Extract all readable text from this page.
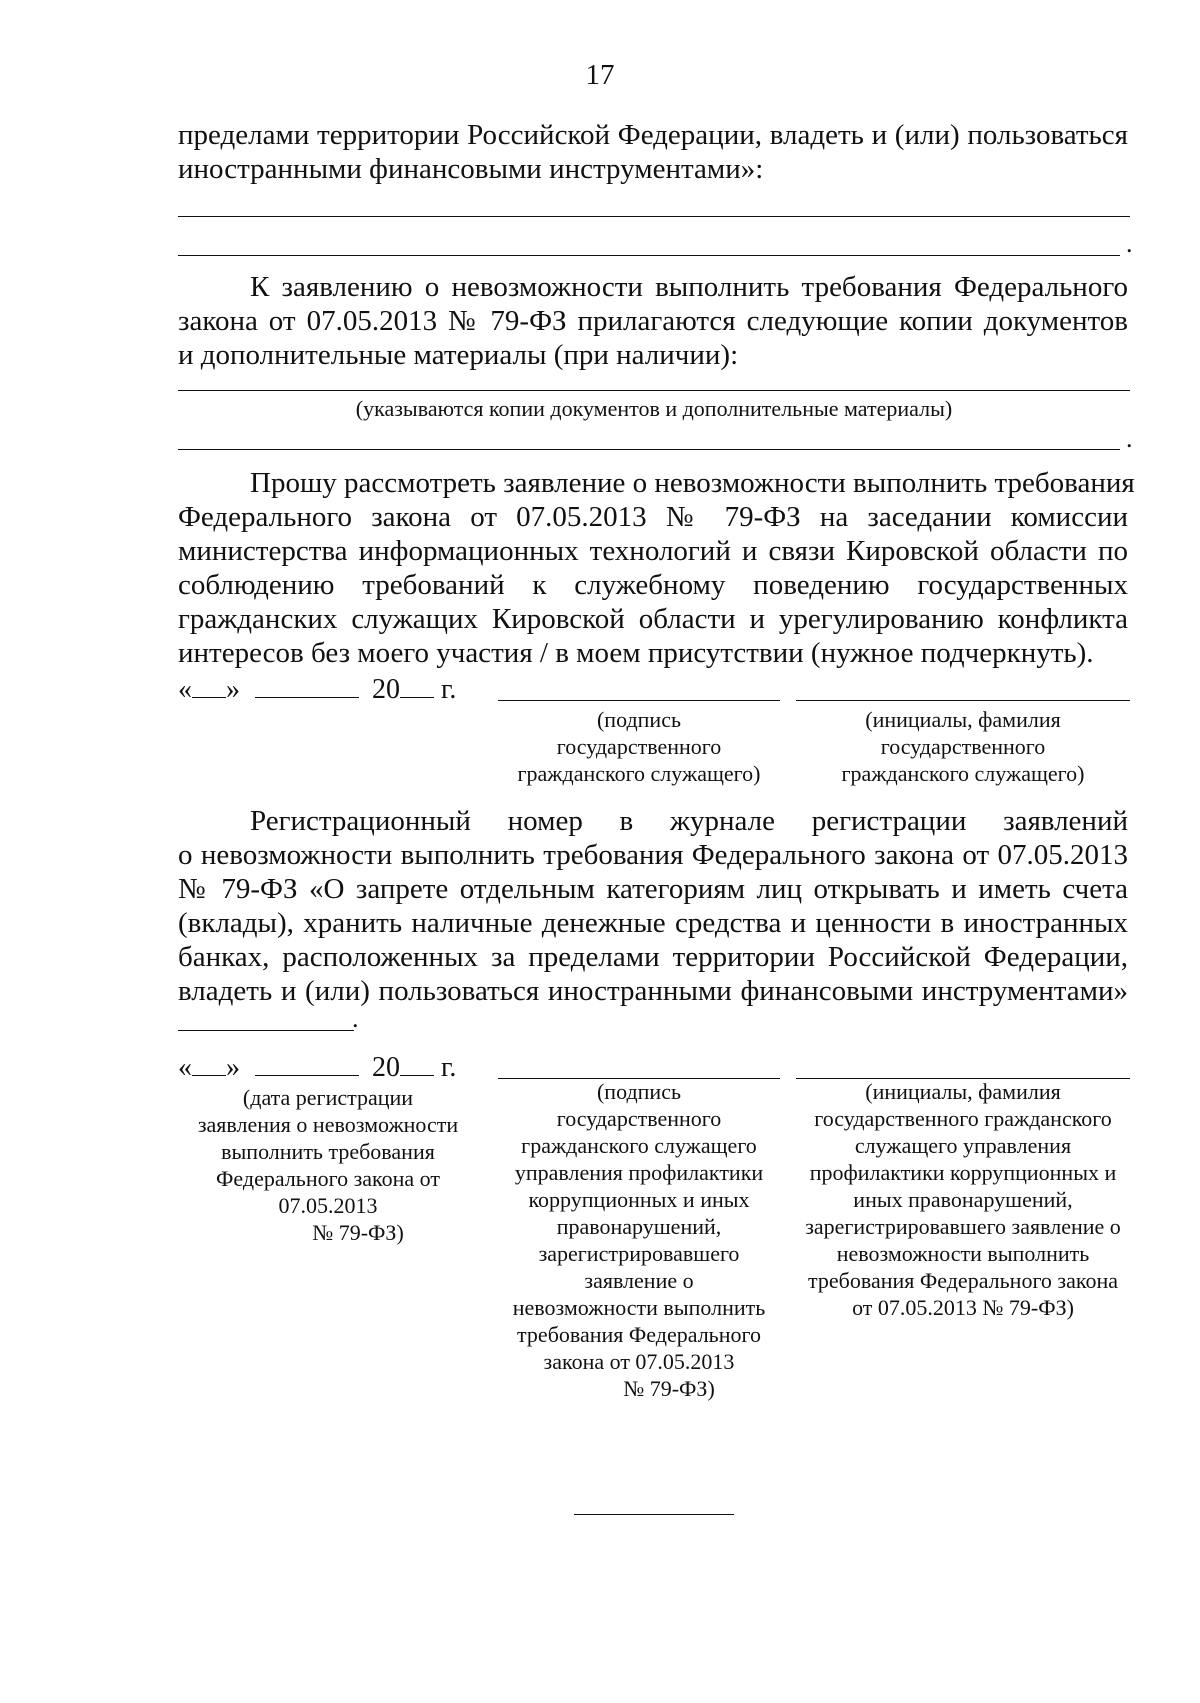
17
пределами территории Российской Федерации, владеть и (или) пользоваться
иностранными финансовыми инструментами»:
.
К заявлению о невозможности выполнить требования Федерального
закона от 07.05.2013 № 79-ФЗ прилагаются следующие копии документов
и дополнительные материалы (при наличии):
(указываются копии документов и дополнительные материалы)
.
Прошу рассмотреть заявление о невозможности выполнить требования
Федерального закона от 07.05.2013 № 79-ФЗ на заседании комиссии
министерства информационных технологий и связи Кировской области по
соблюдению требований к служебному поведению государственных
гражданских служащих Кировской области и урегулированию конфликта
интересов без моего участия / в моем присутствии (нужное подчеркнуть).
« »	20 г.
(подпись
государственного
гражданского служащего)
(инициалы, фамилия
государственного
гражданского служащего)
Регистрационный номер в журнале регистрации заявлений
о невозможности выполнить требования Федерального закона от 07.05.2013
№ 79-ФЗ «О запрете отдельным категориям лиц открывать и иметь счета
(вклады), хранить наличные денежные средства и ценности в иностранных
банках, расположенных за пределами территории Российской Федерации,
владеть и (или) пользоваться иностранными финансовыми инструментами»
.
« »	20 г.
(дата регистрации
заявления о невозможности
выполнить требования
Федерального закона от
07.05.2013
№ 79-ФЗ)
(подпись
государственного
гражданского служащего
управления профилактики
коррупционных и иных
правонарушений,
зарегистрировавшего
заявление о
невозможности выполнить
требования Федерального
закона от 07.05.2013
№ 79-ФЗ)
(инициалы, фамилия
государственного гражданского
служащего управления
профилактики коррупционных и
иных правонарушений,
зарегистрировавшего заявление о
невозможности выполнить
требования Федерального закона
от 07.05.2013 № 79-ФЗ)
